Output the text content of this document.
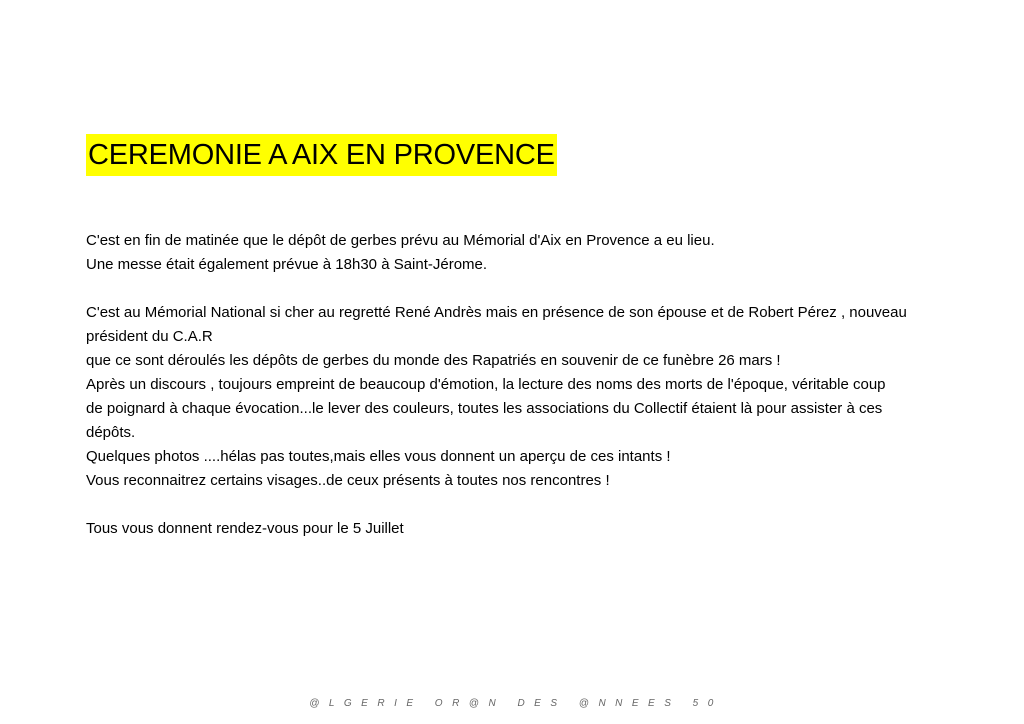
CEREMONIE A AIX EN PROVENCE
C'est en fin de matinée que le dépôt de gerbes prévu au Mémorial d'Aix en Provence a eu lieu.
Une messe était également prévue à 18h30 à Saint-Jérome.
C'est au Mémorial National si cher au regretté René Andrès mais en présence de son épouse et de Robert Pérez , nouveau
président du C.A.R
que ce sont déroulés les dépôts de gerbes du monde des Rapatriés en souvenir de ce funèbre 26 mars !
Après un discours , toujours empreint de beaucoup d'émotion, la lecture des noms des morts de l'époque, véritable coup
de poignard à chaque évocation...le lever des couleurs, toutes les associations du Collectif étaient là pour assister à ces
dépôts.
Quelques photos ....hélas pas toutes,mais elles vous donnent un aperçu de ces intants !
Vous reconnaitrez certains visages..de ceux présents à toutes nos rencontres !
Tous vous donnent rendez-vous pour le 5 Juillet
@LGERIE OR@N DES @NNEES 50
